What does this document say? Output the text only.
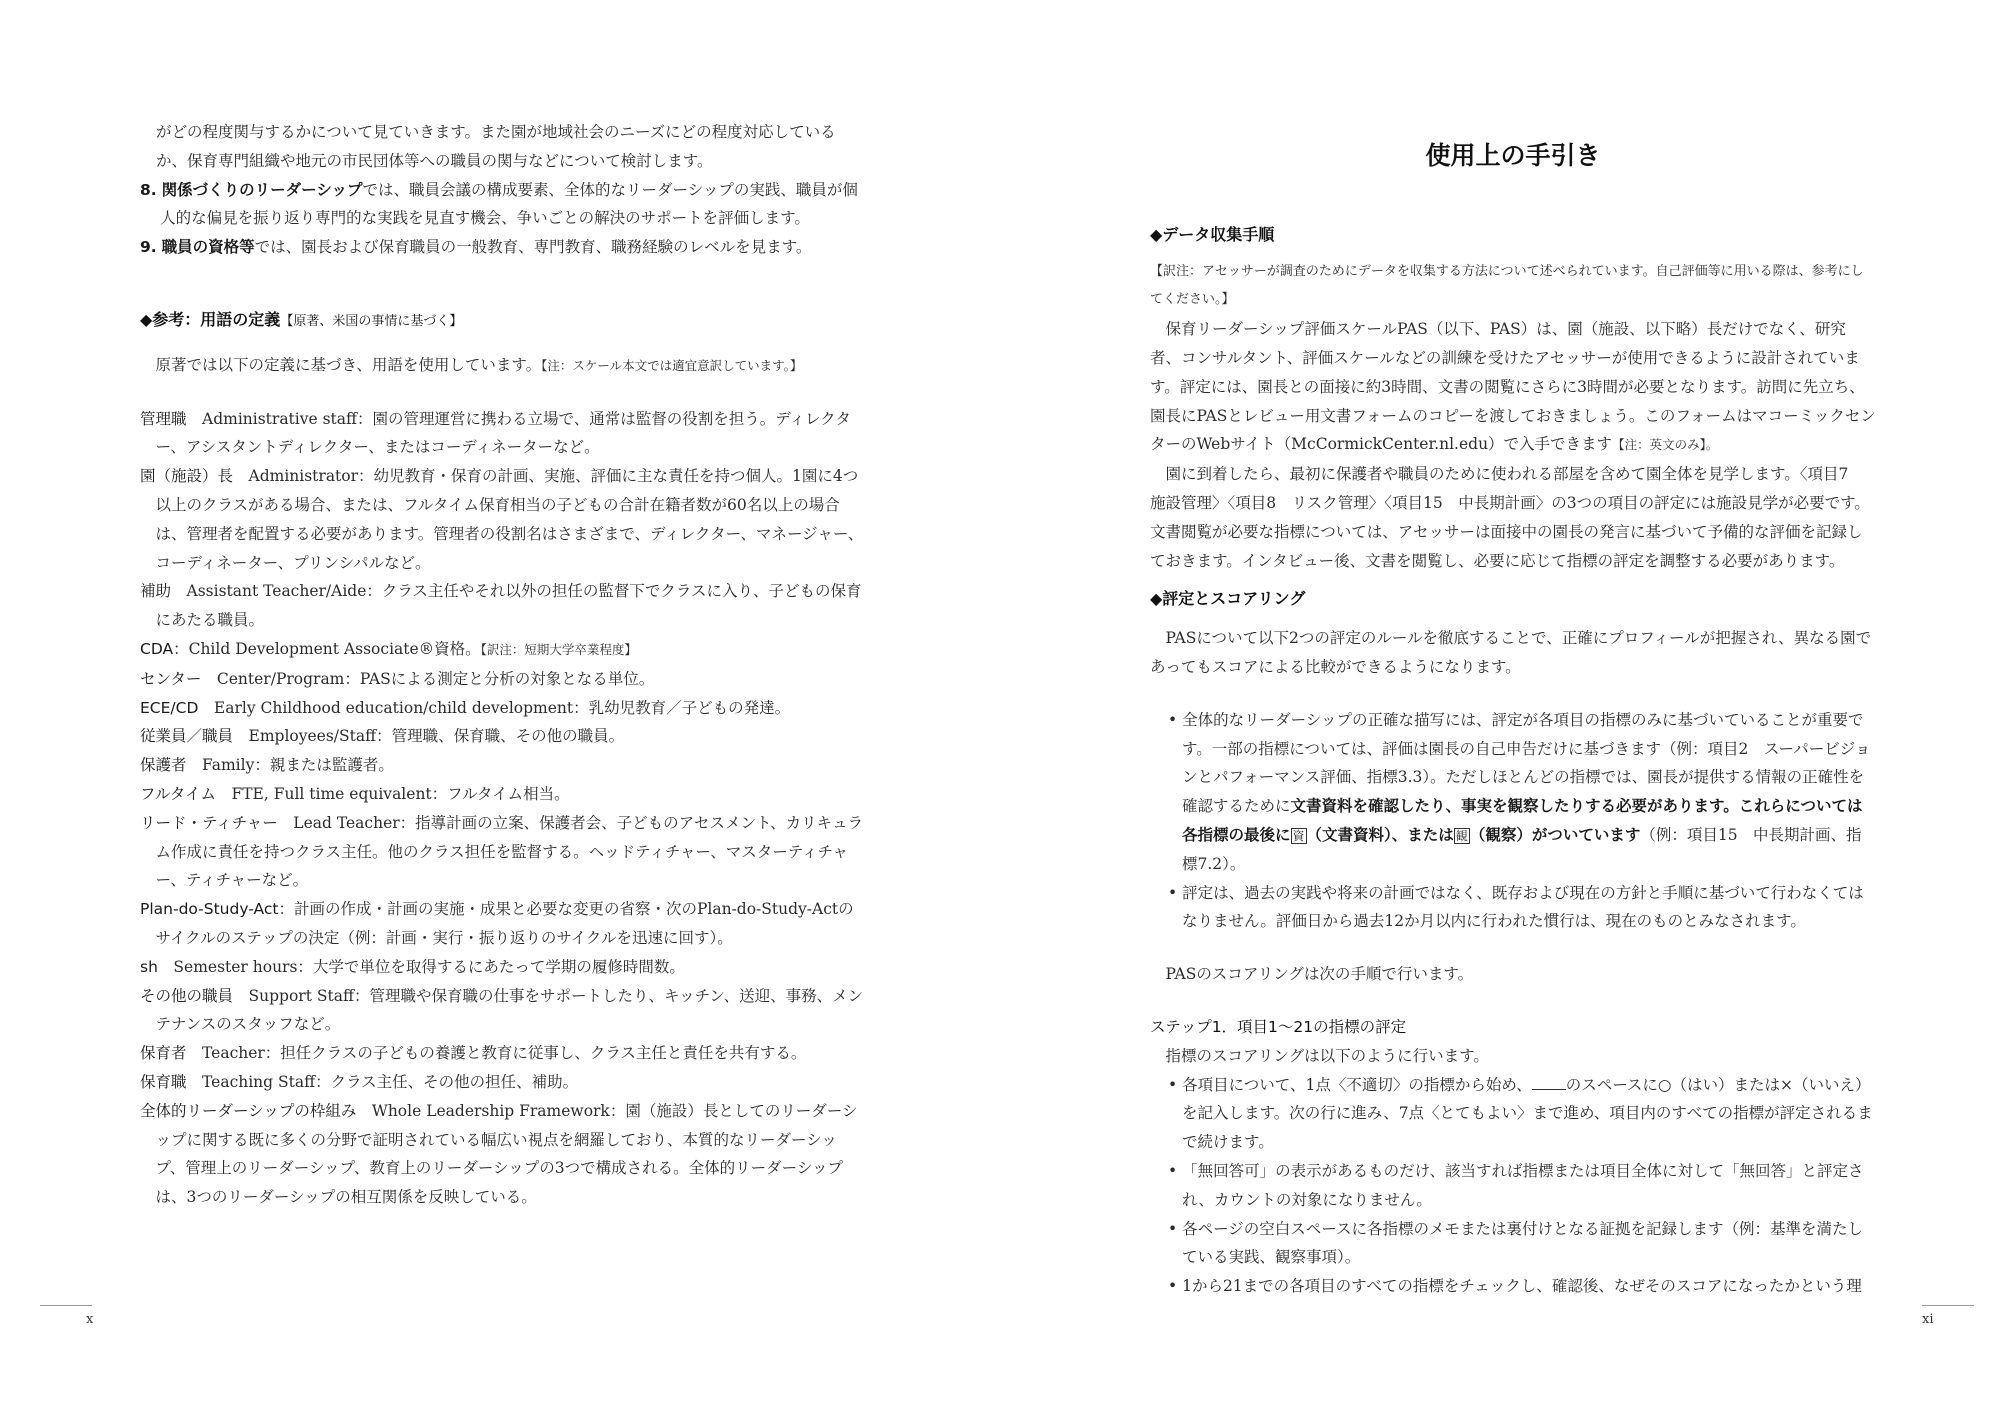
がどの程度関与するかについて見ていきます。また園が地域社会のニーズにどの程度対応している

か、保育専門組織や地元の市民団体等への職員の関与などについて検討します。

8. 関係づくりのリーダーシップでは、職員会議の構成要素、全体的なリーダーシップの実践、職員が個人的な偏見を振り返り専門的な実践を見直す機会、争いごとの解決のサポートを評価します。

9. 職員の資格等では、園長および保育職員の一般教育、専門教育、職務経験のレベルを見ます。

◆参考：用語の定義【原著、米国の事情に基づく】

原著では以下の定義に基づき、用語を使用しています。【注：スケール本文では適宜意訳しています。】

管理職　Administrative staff：園の管理運営に携わる立場で、通常は監督の役割を担う。ディレクター、アシスタントディレクター、またはコーディネーターなど。

園（施設）長　Administrator：幼児教育・保育の計画、実施、評価に主な責任を持つ個人。1園に4つ以上のクラスがある場合、または、フルタイム保育相当の子どもの合計在籍者数が60名以上の場合は、管理者を配置する必要があります。管理者の役割名はさまざまで、ディレクター、マネージャー、コーディネーター、プリンシパルなど。

補助　Assistant Teacher/Aide：クラス主任やそれ以外の担任の監督下でクラスに入り、子どもの保育にあたる職員。

CDA：Child Development Associate®資格。【訳注：短期大学卒業程度】

センター　Center/Program：PASによる測定と分析の対象となる単位。

ECE/CD　Early Childhood education/child development：乳幼児教育／子どもの発達。

従業員／職員　Employees/Staff：管理職、保育職、その他の職員。

保護者　Family：親または監護者。

フルタイム　FTE, Full time equivalent：フルタイム相当。

リード・ティチャー　Lead Teacher：指導計画の立案、保護者会、子どものアセスメント、カリキュラム作成に責任を持つクラス主任。他のクラス担任を監督する。ヘッドティチャー、マスターティチャー、ティチャーなど。

Plan-do-Study-Act：計画の作成・計画の実施・成果と必要な変更の省察・次のPlan-do-Study-Actのサイクルのステップの決定（例：計画・実行・振り返りのサイクルを迅速に回す）。

sh　Semester hours：大学で単位を取得するにあたって学期の履修時間数。

その他の職員　Support Staff：管理職や保育職の仕事をサポートしたり、キッチン、送迎、事務、メンテナンスのスタッフなど。

保育者　Teacher：担任クラスの子どもの養護と教育に従事し、クラス主任と責任を共有する。

保育職　Teaching Staff：クラス主任、その他の担任、補助。

全体的リーダーシップの枠組み　Whole Leadership Framework：園（施設）長としてのリーダーシップに関する既に多くの分野で証明されている幅広い視点を網羅しており、本質的なリーダーシップ、管理上のリーダーシップ、教育上のリーダーシップの3つで構成される。全体的リーダーシップは、3つのリーダーシップの相互関係を反映している。

使用上の手引き

◆データ収集手順

【訳注：アセッサーが調査のためにデータを収集する方法について述べられています。自己評価等に用いる際は、参考にしてください。】

保育リーダーシップ評価スケールPAS（以下、PAS）は、園（施設、以下略）長だけでなく、研究者、コンサルタント、評価スケールなどの訓練を受けたアセッサーが使用できるように設計されています。評定には、園長との面接に約3時間、文書の閲覧にさらに3時間が必要となります。訪問に先立ち、園長にPASとレビュー用文書フォームのコピーを渡しておきましょう。このフォームはマコーミックセンターのWebサイト（McCormickCenter.nl.edu）で入手できます【注：英文のみ】。

園に到着したら、最初に保護者や職員のために使われる部屋を含めて園全体を見学します。〈項目7　施設管理〉〈項目8　リスク管理〉〈項目15　中長期計画〉の3つの項目の評定には施設見学が必要です。文書閲覧が必要な指標については、アセッサーは面接中の園長の発言に基づいて予備的な評価を記録しておきます。インタビュー後、文書を閲覧し、必要に応じて指標の評定を調整する必要があります。

◆評定とスコアリング

PASについて以下2つの評定のルールを徹底することで、正確にプロフィールが把握され、異なる園であってもスコアによる比較ができるようになります。

• 全体的なリーダーシップの正確な描写には、評定が各項目の指標のみに基づいていることが重要です。一部の指標については、評価は園長の自己申告だけに基づきます（例：項目2　スーパービジョンとパフォーマンス評価、指標3.3）。ただしほとんどの指標では、園長が提供する情報の正確性を確認するために文書資料を確認したり、事実を観察したりする必要があります。これらについては各指標の最後に 資 （文書資料）、または 観 （観察）がついています（例：項目15　中長期計画、指標7.2）。

• 評定は、過去の実践や将来の計画ではなく、既存および現在の方針と手順に基づいて行わなくてはなりません。評価日から過去12か月以内に行われた慣行は、現在のものとみなされます。

PASのスコアリングは次の手順で行います。

ステップ1．項目1～21の指標の評定

指標のスコアリングは以下のように行います。

• 各項目について、1点〈不適切〉の指標から始め、 のスペースに○（はい）または×（いいえ）を記入します。次の行に進み、7点〈とてもよい〉まで進め、項目内のすべての指標が評定されるまで続けます。

• 「無回答可」の表示があるものだけ、該当すれば指標または項目全体に対して「無回答」と評定され、カウントの対象になりません。

• 各ページの空白スペースに各指標のメモまたは裏付けとなる証拠を記録します（例：基準を満たしている実践、観察事項）。

• 1から21までの各項目のすべての指標をチェックし、確認後、なぜそのスコアになったかという理

x	xi
